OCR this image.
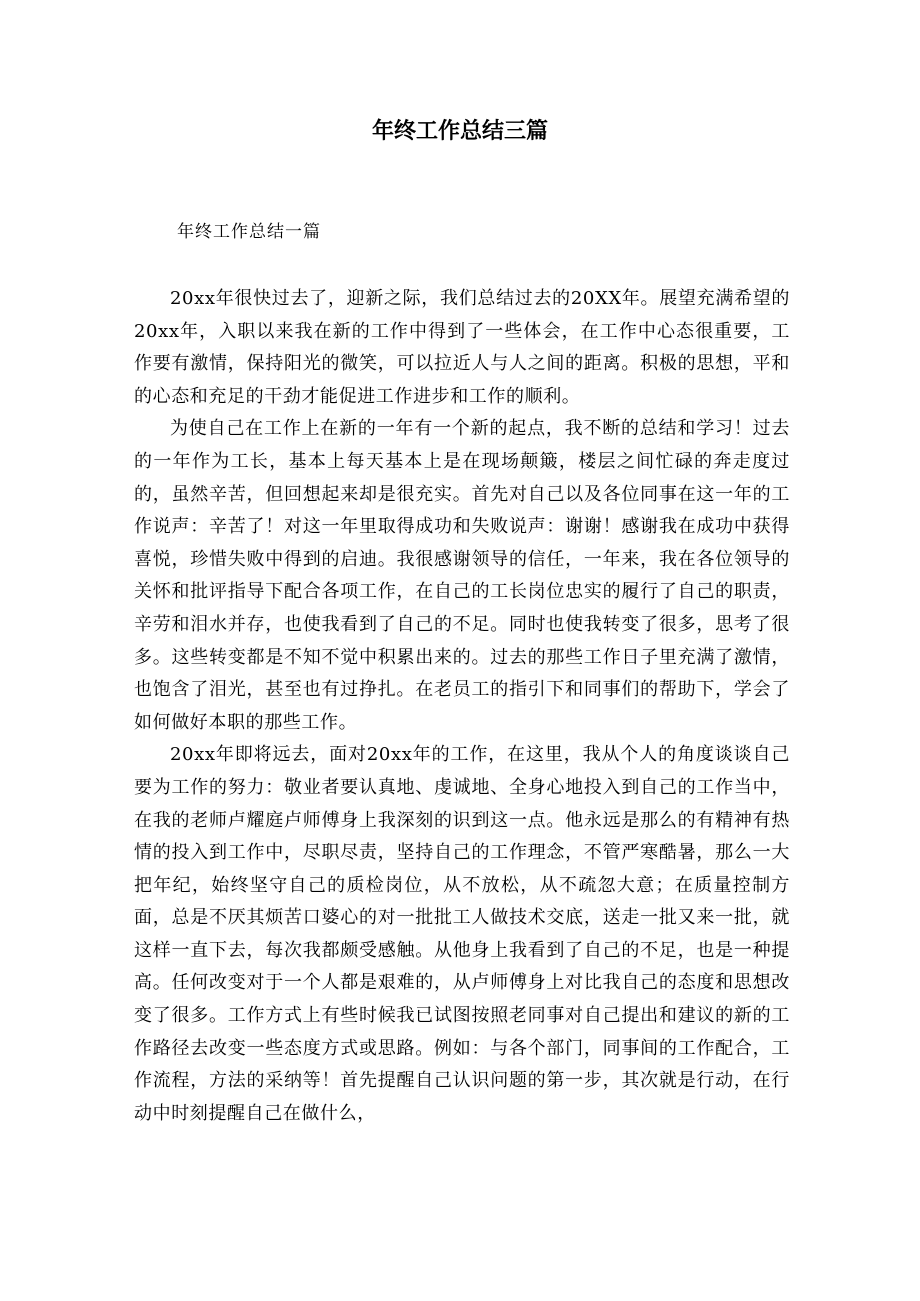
年终工作总结三篇
年终工作总结一篇

20xx年很快过去了，迎新之际，我们总结过去的20XX年。展望充满希望的20xx年，入职以来我在新的工作中得到了一些体会，在工作中心态很重要，工作要有激情，保持阳光的微笑，可以拉近人与人之间的距离。积极的思想，平和的心态和充足的干劲才能促进工作进步和工作的顺利。

为使自己在工作上在新的一年有一个新的起点，我不断的总结和学习！过去的一年作为工长，基本上每天基本上是在现场颠簸，楼层之间忙碌的奔走度过的，虽然辛苦，但回想起来却是很充实。首先对自己以及各位同事在这一年的工作说声：辛苦了！对这一年里取得成功和失败说声：谢谢！感谢我在成功中获得喜悦，珍惜失败中得到的启迪。我很感谢领导的信任，一年来，我在各位领导的关怀和批评指导下配合各项工作，在自己的工长岗位忠实的履行了自己的职责，辛劳和泪水并存，也使我看到了自己的不足。同时也使我转变了很多，思考了很多。这些转变都是不知不觉中积累出来的。过去的那些工作日子里充满了激情，也饱含了泪光，甚至也有过挣扎。在老员工的指引下和同事们的帮助下，学会了如何做好本职的那些工作。

20xx年即将远去，面对20xx年的工作，在这里，我从个人的角度谈谈自己要为工作的努力：敬业者要认真地、虔诚地、全身心地投入到自己的工作当中，在我的老师卢耀庭卢师傅身上我深刻的识到这一点。他永远是那么的有精神有热情的投入到工作中，尽职尽责，坚持自己的工作理念，不管严寒酷暑，那么一大把年纪，始终坚守自己的质检岗位，从不放松，从不疏忽大意；在质量控制方面，总是不厌其烦苦口婆心的对一批批工人做技术交底，送走一批又来一批，就这样一直下去，每次我都颇受感触。从他身上我看到了自己的不足，也是一种提高。任何改变对于一个人都是艰难的，从卢师傅身上对比我自己的态度和思想改变了很多。工作方式上有些时候我已试图按照老同事对自己提出和建议的新的工作路径去改变一些态度方式或思路。例如：与各个部门，同事间的工作配合，工作流程，方法的采纳等！首先提醒自己认识问题的第一步，其次就是行动，在行动中时刻提醒自己在做什么，
